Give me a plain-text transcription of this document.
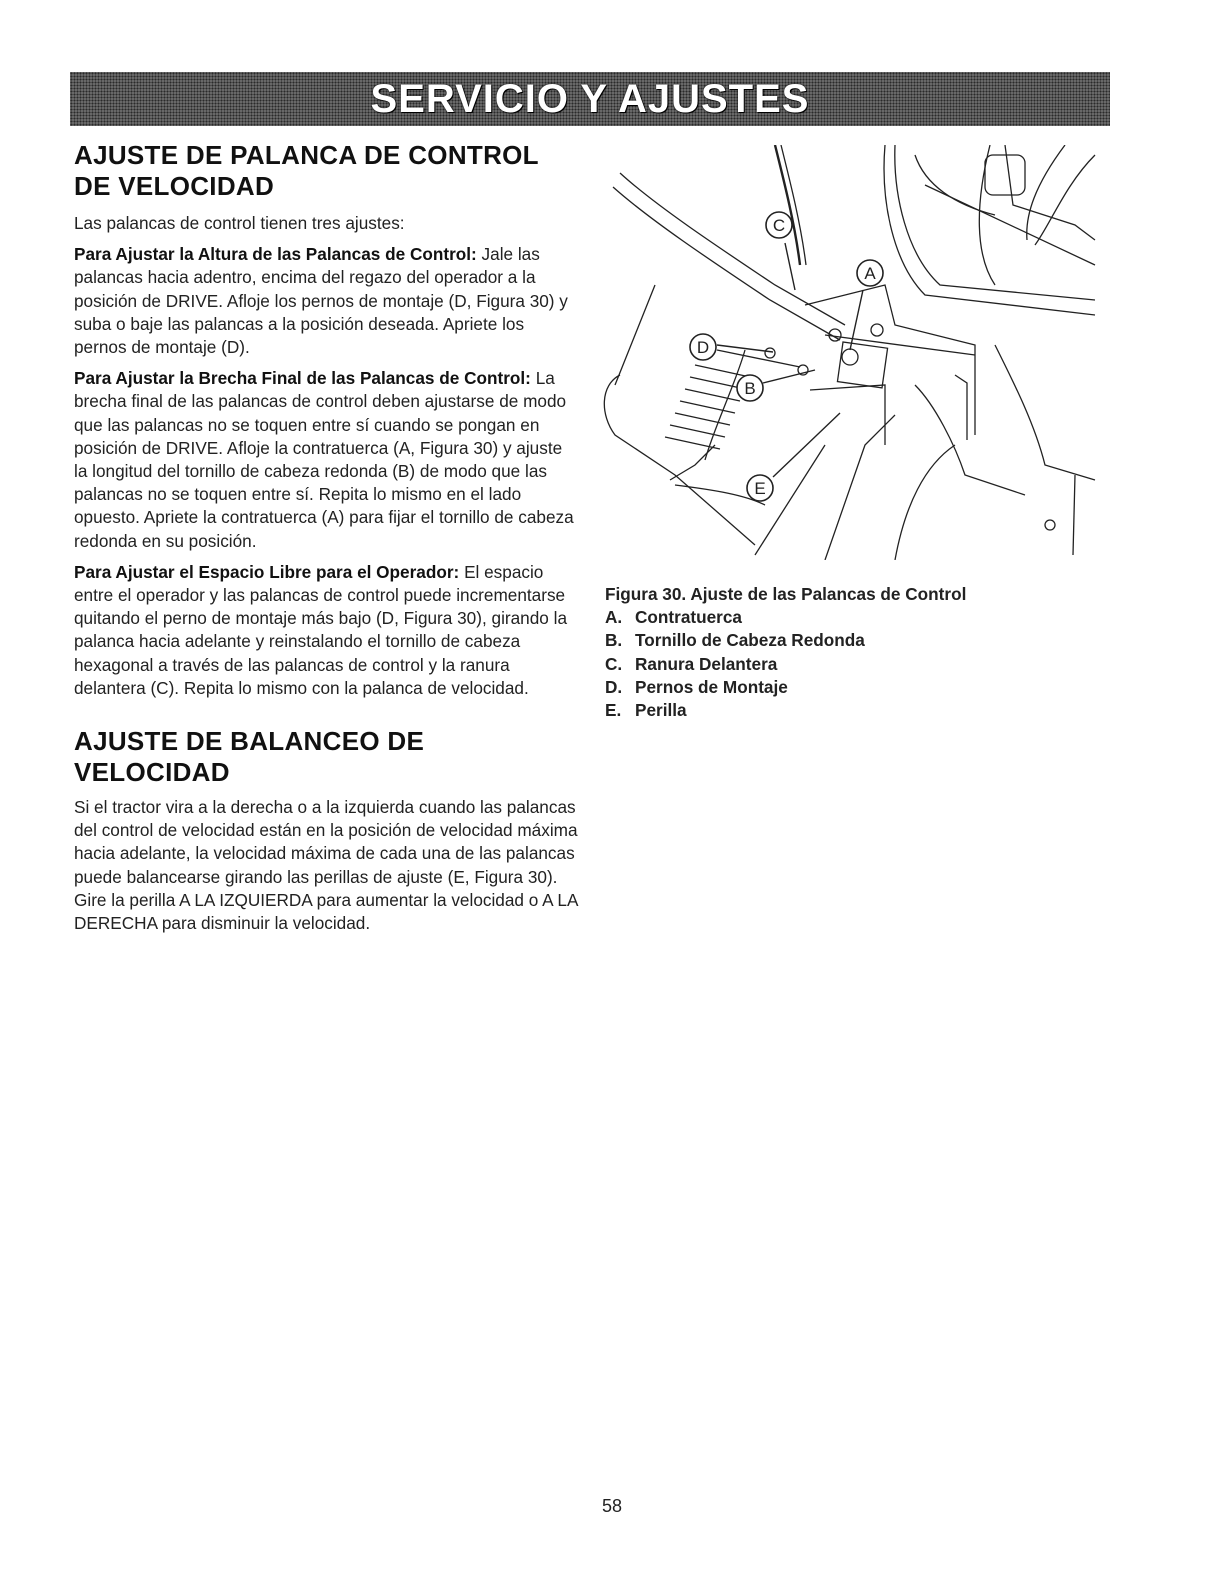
SERVICIO Y AJUSTES
AJUSTE DE PALANCA DE CONTROL
DE VELOCIDAD

Las palancas de control tienen tres ajustes:

Para Ajustar la Altura de las Palancas de Control: Jale las palancas hacia adentro, encima del regazo del operador a la posición de DRIVE. Afloje los pernos de montaje (D, Figura 30) y suba o baje las palancas a la posición deseada. Apriete los pernos de montaje (D).

Para Ajustar la Brecha Final de las Palancas de Control: La brecha final de las palancas de control deben ajustarse de modo que las palancas no se toquen entre sí cuando se pongan en posición de DRIVE. Afloje la contratuerca (A, Figura 30) y ajuste la longitud del tornillo de cabeza redonda (B) de modo que las palancas no se toquen entre sí. Repita lo mismo en el lado opuesto. Apriete la contratuerca (A) para fijar el tornillo de cabeza redonda en su posición.

Para Ajustar el Espacio Libre para el Operador: El espacio entre el operador y las palancas de control puede incrementarse quitando el perno de montaje más bajo (D, Figura 30), girando la palanca hacia adelante y reinstalando el tornillo de cabeza hexagonal a través de las palancas de control y la ranura delantera (C). Repita lo mismo con la palanca de velocidad.

AJUSTE DE BALANCEO DE VELOCIDAD

Si el tractor vira a la derecha o a la izquierda cuando las palancas del control de velocidad están en la posición de velocidad máxima hacia adelante, la velocidad máxima de cada una de las palancas puede balancearse girando las perillas de ajuste (E, Figura 30). Gire la perilla A LA IZQUIERDA para aumentar la velocidad o A LA DERECHA para disminuir la velocidad.

C
A
D
B
E
Figura 30. Ajuste de las Palancas de Control
A. Contratuerca
B. Tornillo de Cabeza Redonda
C. Ranura Delantera
D. Pernos de Montaje
E. Perilla
58
